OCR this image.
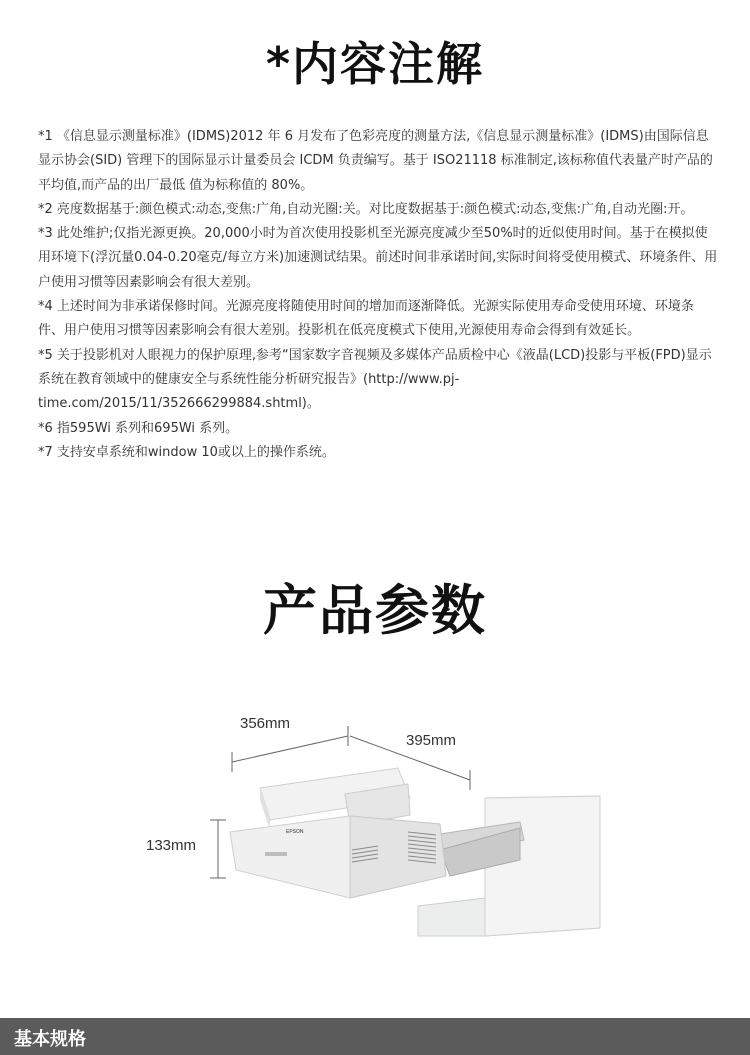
*内容注解

*1 《信息显示测量标准》(IDMS)2012 年 6 月发布了色彩亮度的测量方法,《信息显示测量标准》(IDMS)由国际信息显示协会(SID) 管理下的国际显示计量委员会 ICDM 负责编写。基于 ISO21118 标准制定,该标称值代表量产时产品的平均值,而产品的出厂最低 值为标称值的 80%。

*2 亮度数据基于:颜色模式:动态,变焦:广角,自动光圈:关。对比度数据基于:颜色模式:动态,变焦:广角,自动光圈:开。

*3 此处维护;仅指光源更换。20,000小时为首次使用投影机至光源亮度减少至50%时的近似使用时间。基于在模拟使用环境下(浮沉量0.04-0.20毫克/每立方米)加速测试结果。前述时间非承诺时间,实际时间将受使用模式、环境条件、用户使用习惯等因素影响会有很大差别。

*4 上述时间为非承诺保修时间。光源亮度将随使用时间的增加而逐渐降低。光源实际使用寿命受使用环境、环境条件、用户使用习惯等因素影响会有很大差别。投影机在低亮度模式下使用,光源使用寿命会得到有效延长。

*5 关于投影机对人眼视力的保护原理,参考“国家数字音视频及多媒体产品质检中心《液晶(LCD)投影与平板(FPD)显示系统在教育领域中的健康安全与系统性能分析研究报告》(http://www.pj-time.com/2015/11/352666299884.shtml)。

*6 指595Wi 系列和695Wi 系列。

*7 支持安卓系统和window 10或以上的操作系统。

产品参数
EPSON
356mm
395mm
133mm
基本规格
